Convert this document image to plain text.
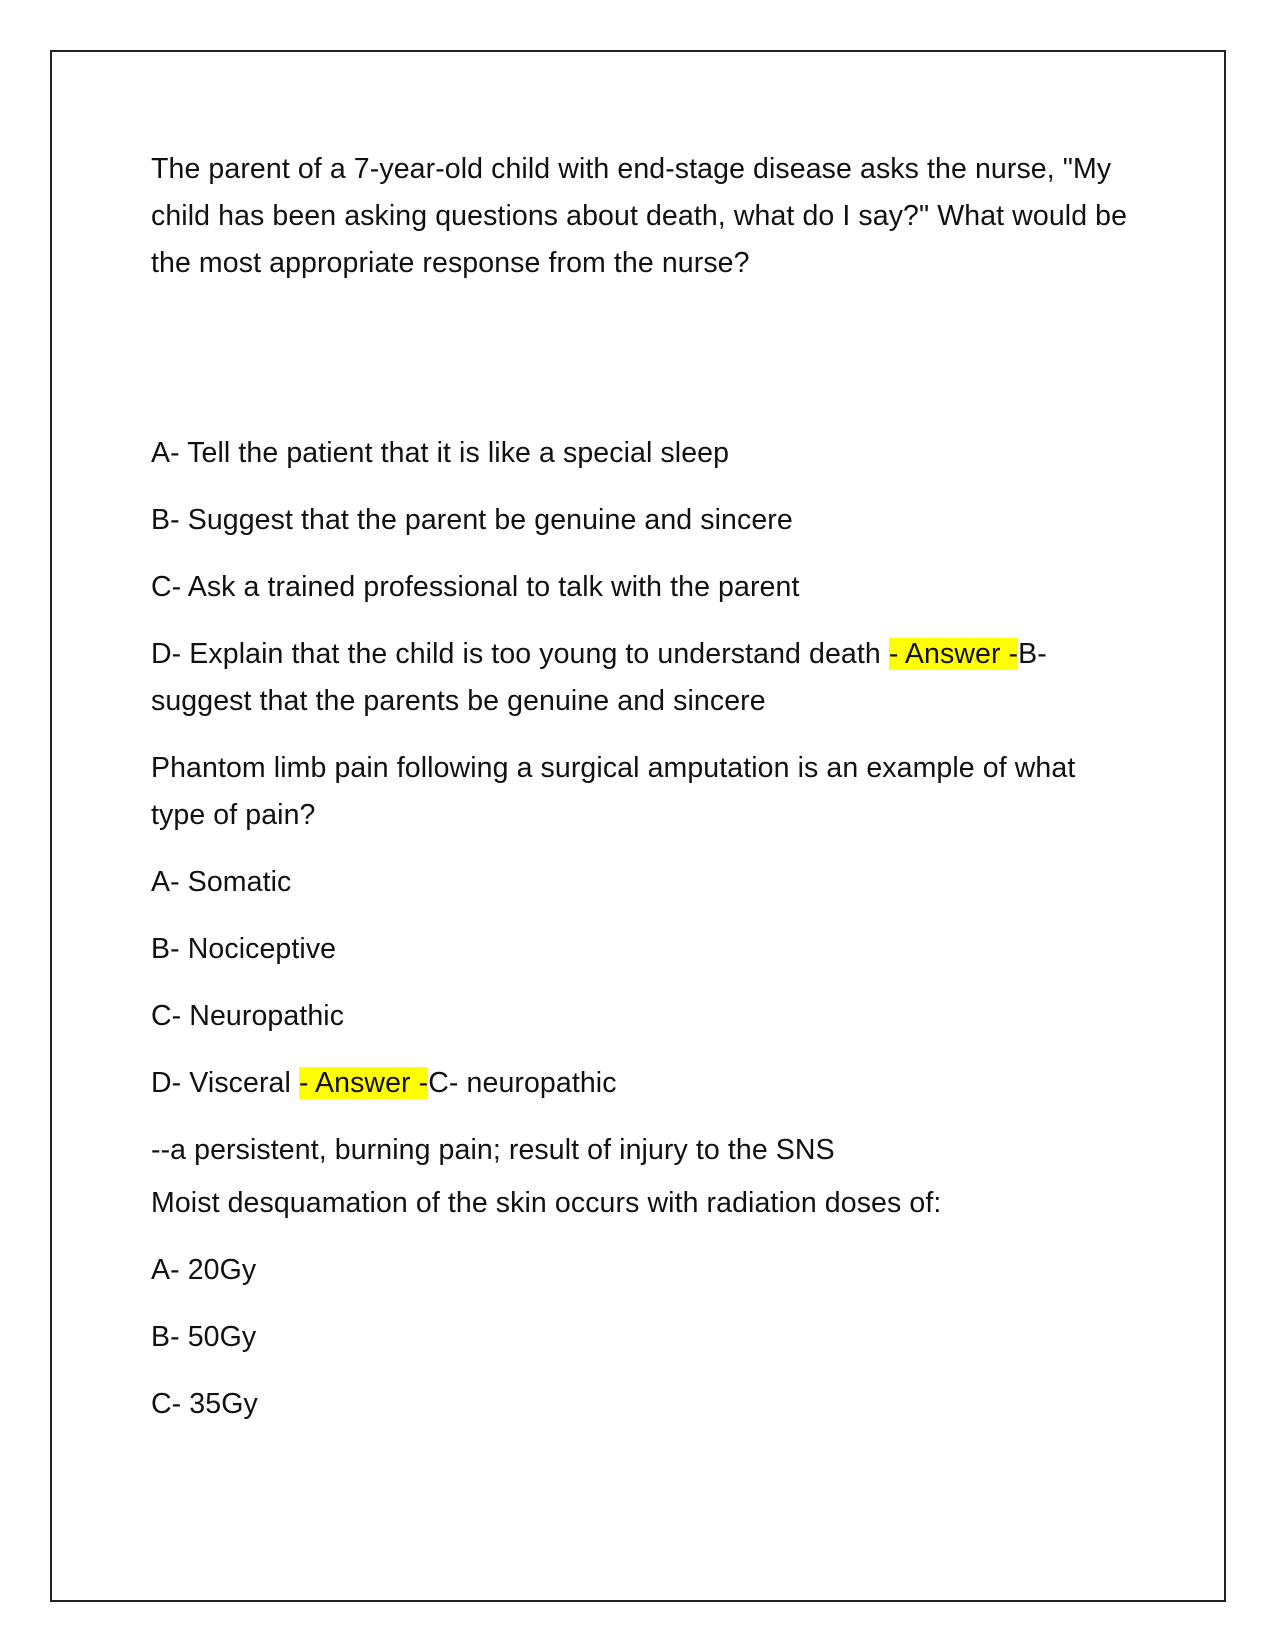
The parent of a 7-year-old child with end-stage disease asks the nurse, "My child has been asking questions about death, what do I say?" What would be the most appropriate response from the nurse?

A- Tell the patient that it is like a special sleep

B- Suggest that the parent be genuine and sincere

C- Ask a trained professional to talk with the parent

D- Explain that the child is too young to understand death - Answer -B- suggest that the parents be genuine and sincere

Phantom limb pain following a surgical amputation is an example of what type of pain?

A- Somatic

B- Nociceptive

C- Neuropathic

D- Visceral - Answer -C- neuropathic

--a persistent, burning pain; result of injury to the SNS

Moist desquamation of the skin occurs with radiation doses of:

A- 20Gy

B- 50Gy

C- 35Gy
